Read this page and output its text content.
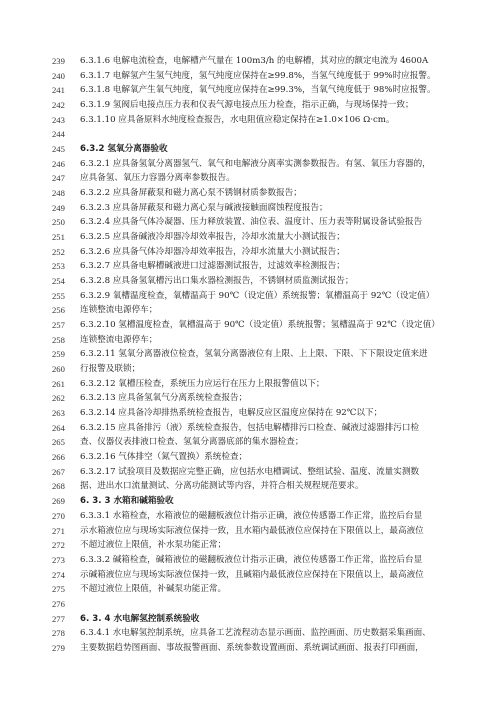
239	6.3.1.6 电解电流检查，电解槽产气量在 100m3/h 的电解槽，其对应的额定电流为 4600A
240	6.3.1.7 电解氢产生氢气纯度，氢气纯度应保持在≥99.8%，当氢气纯度低于 99%时应报警。
241	6.3.1.8 电解氧产生氧气纯度，氧气纯度应保持在≥99.3%，当氧气纯度低于 98%时应报警。
242	6.3.1.9 氢阀后电接点压力表和仪表气源电接点压力检查，指示正确，与现场保持一致；
243	6.3.1.10 应具备原料水纯度检查报告，水电阻值应稳定保持在≥1.0×106 Ω·cm。
244
245	6.3.2 氢氧分离器验收
246	6.3.2.1 应具备氢氧分离器氢气、氧气和电解液分离率实测参数报告。有氢、氧压力容器的，
247	应具备氢、氧压力容器分离率参数报告。
248	6.3.2.2 应具备屏蔽泵和磁力离心泵不锈钢材质参数报告；
249	6.3.2.3 应具备屏蔽泵和磁力离心泵与碱液接触面腐蚀程度报告；
250	6.3.2.4 应具备气体冷凝器、压力释放装置、油位表、温度计、压力表等附属设备试验报告
251	6.3.2.5 应具备碱液冷却器冷却效率报告，冷却水流量大小测试报告；
252	6.3.2.6 应具备气体冷却器冷却效率报告，冷却水流量大小测试报告；
253	6.3.2.7 应具备电解槽碱液进口过滤器测试报告，过滤效率检测报告；
254	6.3.2.8 应具备氢氧槽污出口集水器检测报告，不锈钢材质监测试报告；
255	6.3.2.9 氧槽温度检查，氧槽温高于 90℃（设定值）系统报警；氧槽温高于 92℃（设定值）
256	连锁整流电源停车；
257	6.3.2.10 氢槽温度检查，氧槽温高于 90℃（设定值）系统报警；氢槽温高于 92℃（设定值）
258	连锁整流电源停车；
259	6.3.2.11 氢氧分离器液位检查，氢氧分离器液位有上限、上上限、下限、下下限设定值来进
260	行报警及联锁；
261	6.3.2.12 氧槽压检查，系统压力应运行在压力上限报警值以下；
262	6.3.2.13 应具备氢氧气分离系统检查报告；
263	6.3.2.14 应具备冷却排热系统检查报告，电解反应区温度应保持在 92℃以下；
264	6.3.2.15 应具备排污（液）系统检查报告，包括电解槽排污口检查、碱液过滤器排污口检
265	查、仪器仪表排液口检查、氢氧分离器底部的集水器检查；
266	6.3.2.16 气体排空（氮气置换）系统检查；
267	6.3.2.17 试验项目及数据应完整正确，应包括水电槽调试、整组试验、温度、流量实测数
268	据、进出水口流量测试、分离功能测试等内容，并符合相关规程规范要求。
269	6. 3. 3 水箱和碱箱验收
270	6.3.3.1 水箱检查，水箱液位的磁翻板液位计指示正确，液位传感器工作正常，监控后台显
271	示水箱液位应与现场实际液位保持一致，且水箱内最低液位应保持在下限值以上，最高液位
272	不超过液位上限值，补水泵功能正常；
273	6.3.3.2 碱箱检查，碱箱液位的磁翻板液位计指示正确，液位传感器工作正常，监控后台显
274	示碱箱液位应与现场实际液位保持一致，且碱箱内最低液位应保持在下限值以上，最高液位
275	不超过液位上限值，补碱泵功能正常。
276
277	6. 3. 4 水电解氢控制系统验收
278	6.3.4.1 水电解氢控制系统，应具备工艺流程动态显示画面、监控画面、历史数据采集画面、
279	主要数据趋势图画面、事故报警画面、系统参数设置画面、系统调试画面、报表打印画面，
